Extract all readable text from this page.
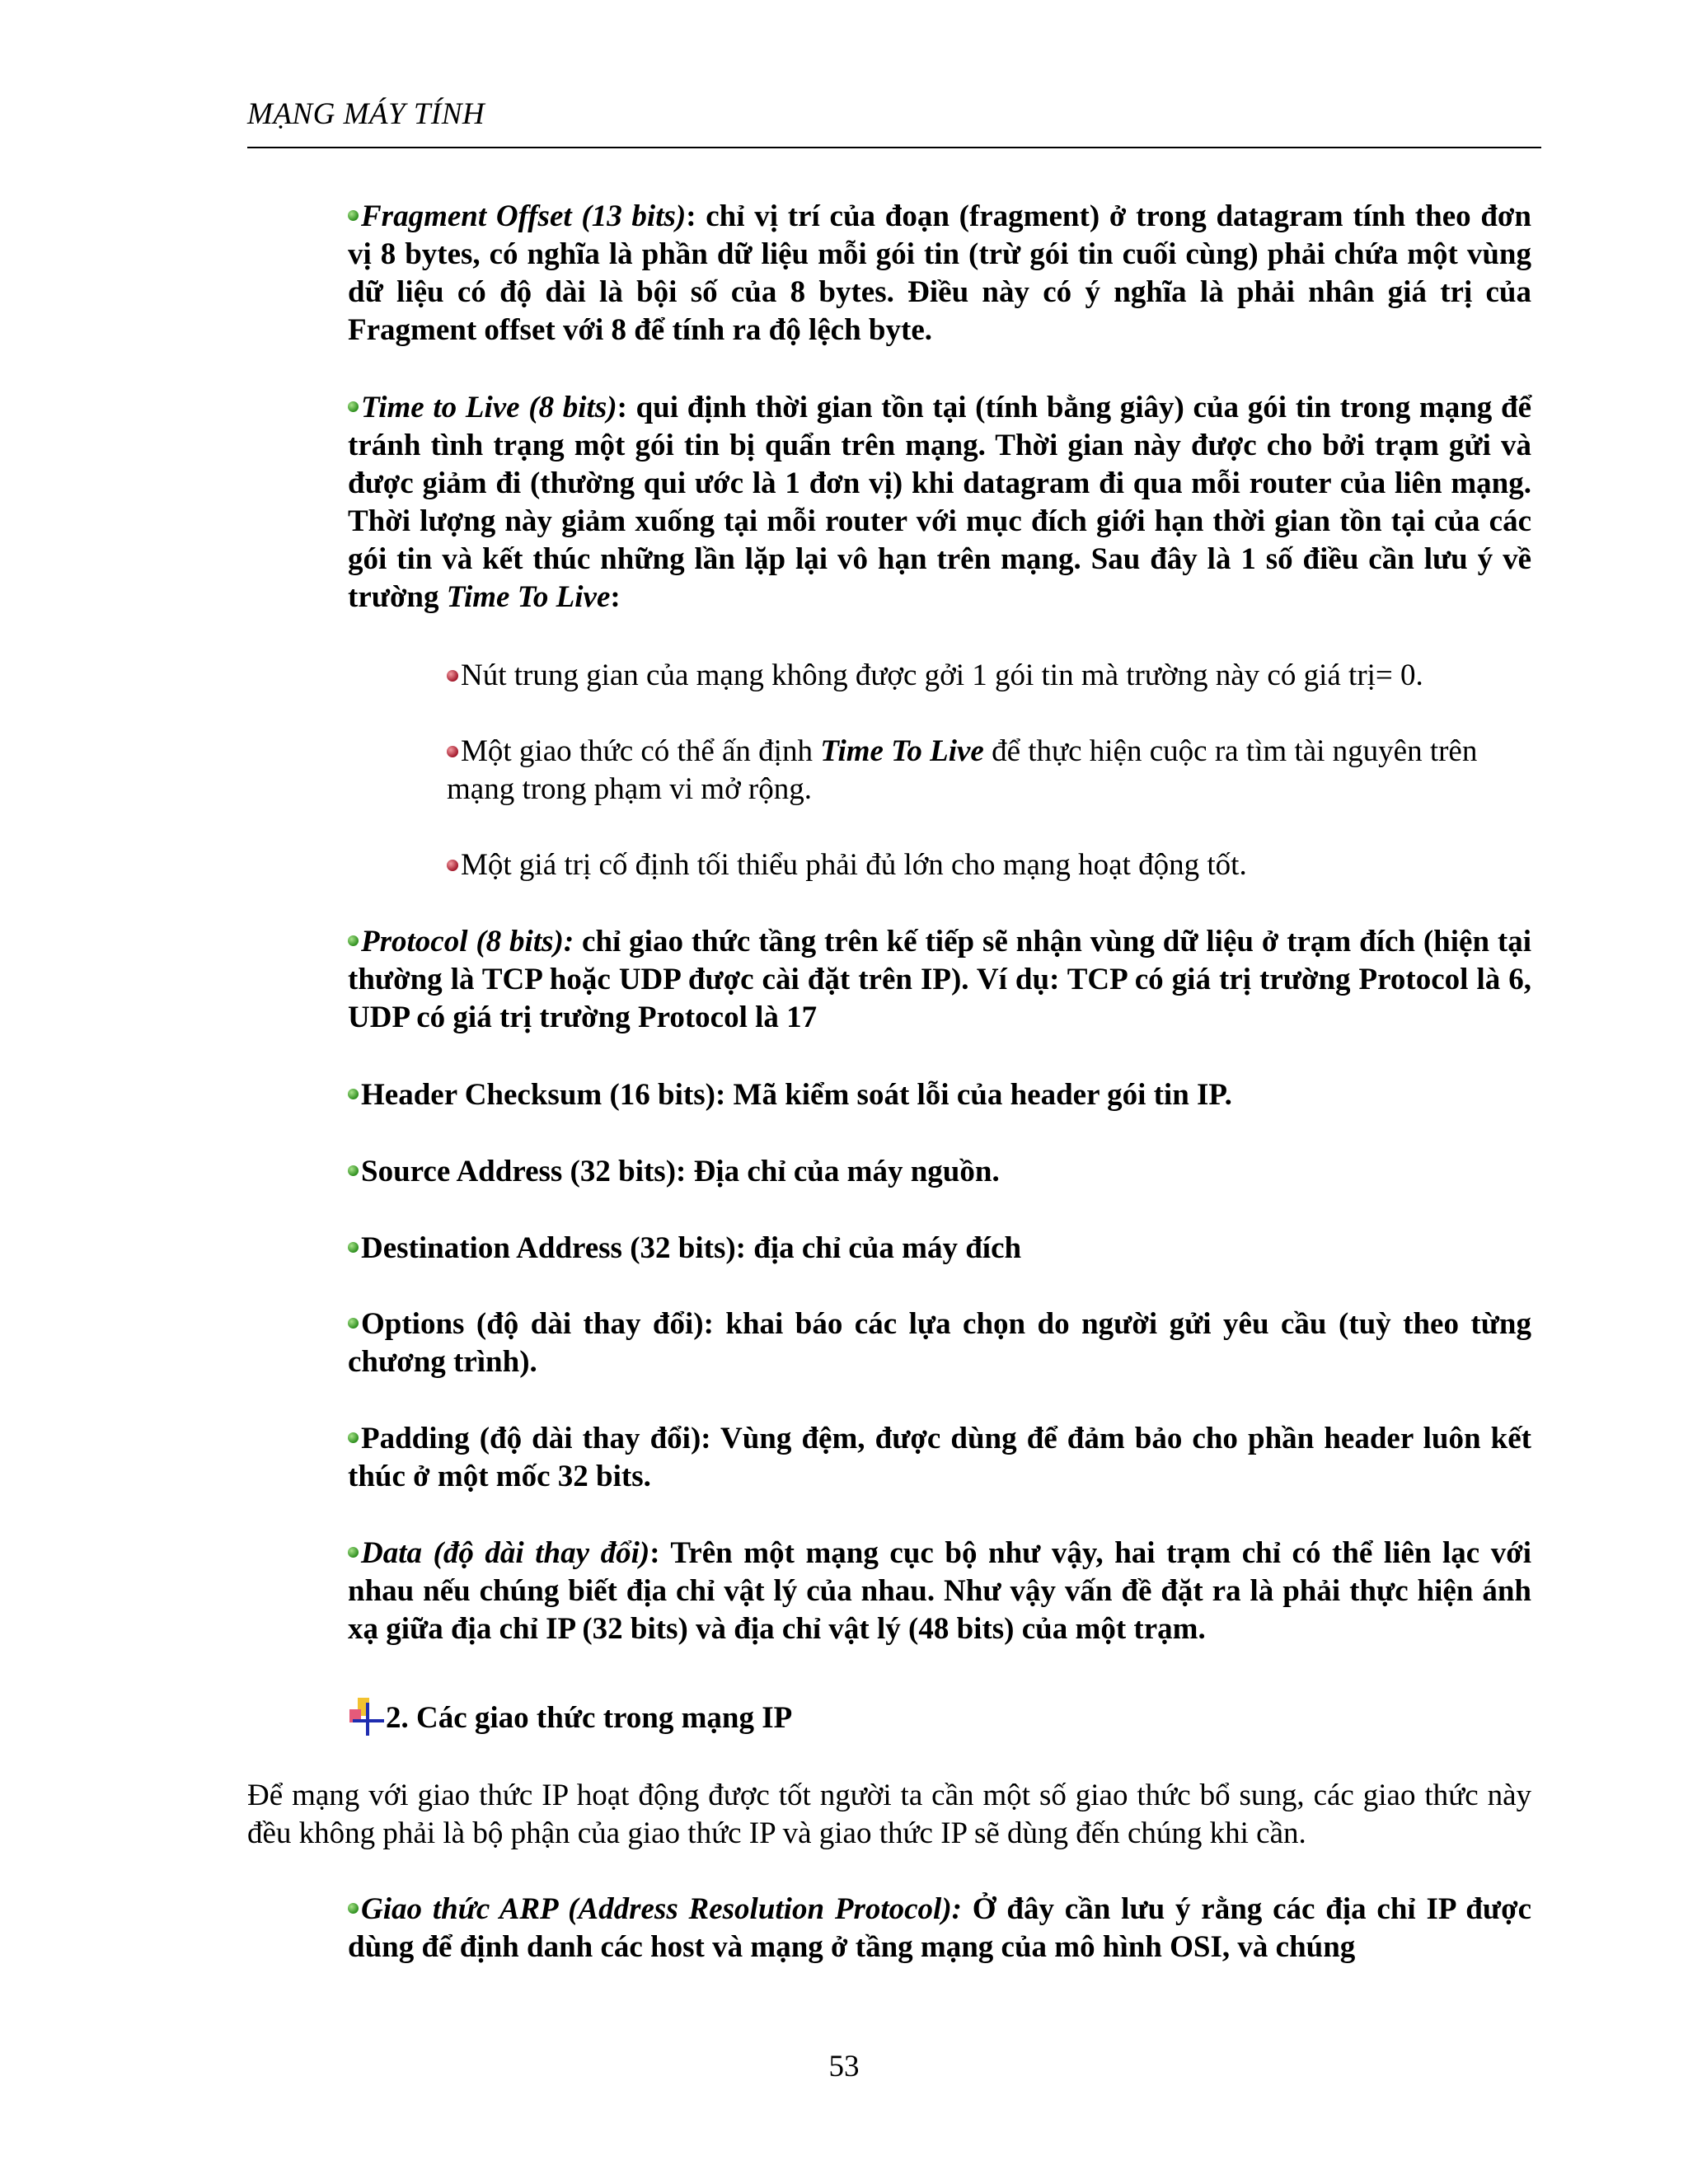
MẠNG MÁY TÍNH
Fragment Offset (13 bits): chỉ vị trí của đoạn (fragment) ở trong datagram tính theo đơn vị 8 bytes, có nghĩa là phần dữ liệu mỗi gói tin (trừ gói tin cuối cùng) phải chứa một vùng dữ liệu có độ dài là bội số của 8 bytes. Điều này có ý nghĩa là phải nhân giá trị của Fragment offset với 8 để tính ra độ lệch byte.
Time to Live (8 bits): qui định thời gian tồn tại (tính bằng giây) của gói tin trong mạng để tránh tình trạng một gói tin bị quẩn trên mạng. Thời gian này được cho bởi trạm gửi và được giảm đi (thường qui ước là 1 đơn vị) khi datagram đi qua mỗi router của liên mạng. Thời lượng này giảm xuống tại mỗi router với mục đích giới hạn thời gian tồn tại của các gói tin và kết thúc những lần lặp lại vô hạn trên mạng. Sau đây là 1 số điều cần lưu ý về trường Time To Live:
Nút trung gian của mạng không được gởi 1 gói tin mà trường này có giá trị= 0.
Một giao thức có thể ấn định Time To Live để thực hiện cuộc ra tìm tài nguyên trên mạng trong phạm vi mở rộng.
Một giá trị cố định tối thiểu phải đủ lớn cho mạng hoạt động tốt.
Protocol (8 bits): chỉ giao thức tầng trên kế tiếp sẽ nhận vùng dữ liệu ở trạm đích (hiện tại thường là TCP hoặc UDP được cài đặt trên IP). Ví dụ: TCP có giá trị trường Protocol là 6, UDP có giá trị trường Protocol là 17
Header Checksum (16 bits): Mã kiểm soát lỗi của header gói tin IP.
Source Address (32 bits): Địa chỉ của máy nguồn.
Destination Address (32 bits): địa chỉ của máy đích
Options (độ dài thay đổi): khai báo các lựa chọn do người gửi yêu cầu (tuỳ theo từng chương trình).
Padding (độ dài thay đổi): Vùng đệm, được dùng để đảm bảo cho phần header luôn kết thúc ở một mốc 32 bits.
Data (độ dài thay đổi): Trên một mạng cục bộ như vậy, hai trạm chỉ có thể liên lạc với nhau nếu chúng biết địa chỉ vật lý của nhau. Như vậy vấn đề đặt ra là phải thực hiện ánh xạ giữa địa chỉ IP (32 bits) và địa chỉ vật lý (48 bits) của một trạm.
2. Các giao thức trong mạng IP
Để mạng với giao thức IP hoạt động được tốt người ta cần một số giao thức bổ sung, các giao thức này đều không phải là bộ phận của giao thức IP và giao thức IP sẽ dùng đến chúng khi cần.
Giao thức ARP (Address Resolution Protocol): Ở đây cần lưu ý rằng các địa chỉ IP được dùng để định danh các host và mạng ở tầng mạng của mô hình OSI, và chúng
53
